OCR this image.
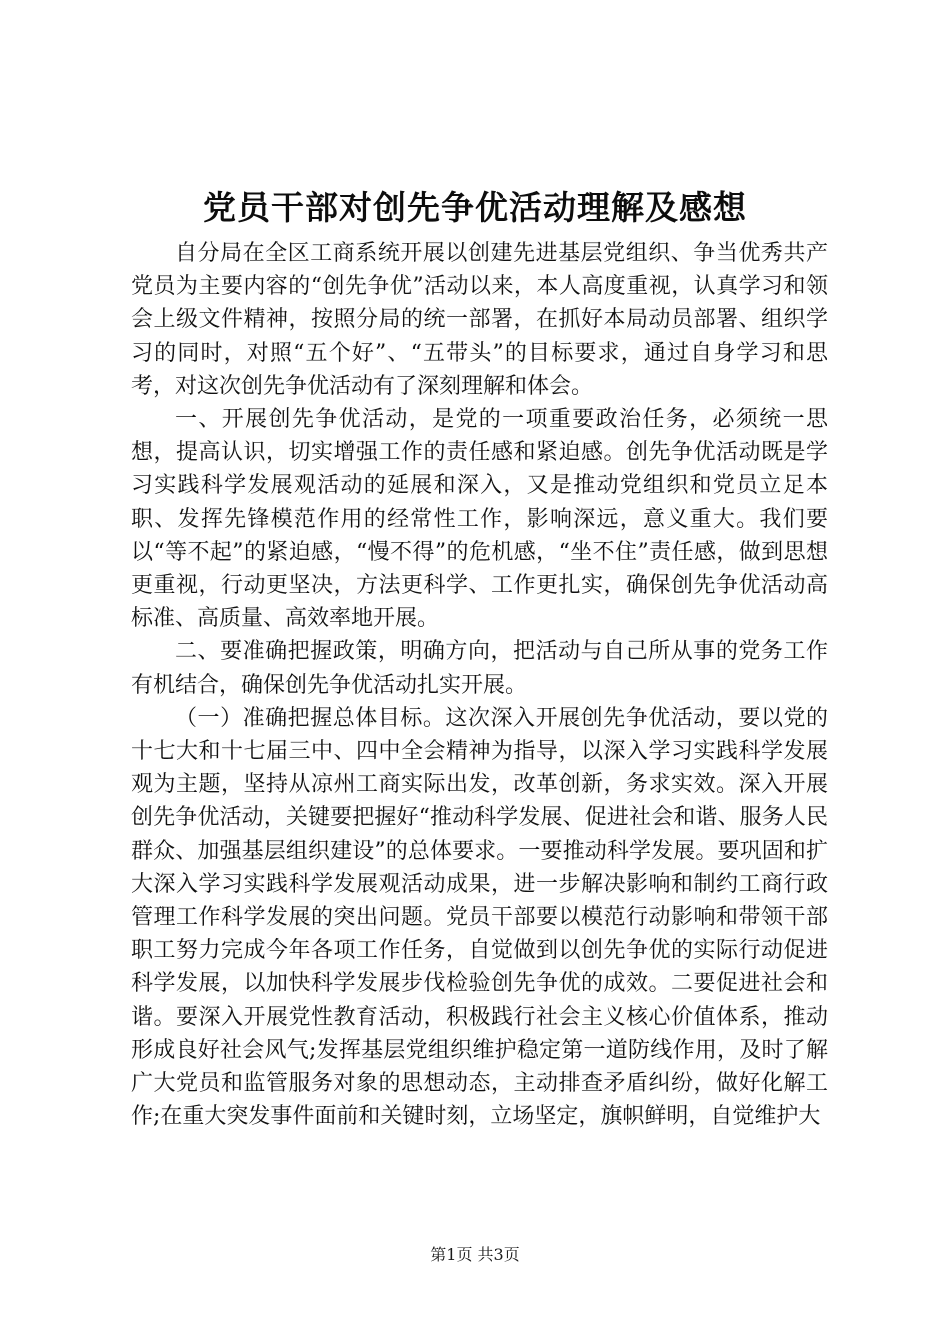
党员干部对创先争优活动理解及感想

自分局在全区工商系统开展以创建先进基层党组织、争当优秀共产党员为主要内容的“创先争优”活动以来，本人高度重视，认真学习和领会上级文件精神，按照分局的统一部署，在抓好本局动员部署、组织学习的同时，对照“五个好”、“五带头”的目标要求，通过自身学习和思考，对这次创先争优活动有了深刻理解和体会。

一、开展创先争优活动，是党的一项重要政治任务，必须统一思想，提高认识，切实增强工作的责任感和紧迫感。创先争优活动既是学习实践科学发展观活动的延展和深入，又是推动党组织和党员立足本职、发挥先锋模范作用的经常性工作，影响深远，意义重大。我们要以“等不起”的紧迫感，“慢不得”的危机感，“坐不住”责任感，做到思想更重视，行动更坚决，方法更科学、工作更扎实，确保创先争优活动高标准、高质量、高效率地开展。

二、要准确把握政策，明确方向，把活动与自己所从事的党务工作有机结合，确保创先争优活动扎实开展。

（一）准确把握总体目标。这次深入开展创先争优活动，要以党的十七大和十七届三中、四中全会精神为指导，以深入学习实践科学发展观为主题，坚持从凉州工商实际出发，改革创新，务求实效。深入开展创先争优活动，关键要把握好“推动科学发展、促进社会和谐、服务人民群众、加强基层组织建设”的总体要求。一要推动科学发展。要巩固和扩大深入学习实践科学发展观活动成果，进一步解决影响和制约工商行政管理工作科学发展的突出问题。党员干部要以模范行动影响和带领干部职工努力完成今年各项工作任务，自觉做到以创先争优的实际行动促进科学发展，以加快科学发展步伐检验创先争优的成效。二要促进社会和谐。要深入开展党性教育活动，积极践行社会主义核心价值体系，推动形成良好社会风气;发挥基层党组织维护稳定第一道防线作用，及时了解广大党员和监管服务对象的思想动态，主动排查矛盾纠纷，做好化解工作;在重大突发事件面前和关键时刻，立场坚定，旗帜鲜明，自觉维护大

第1页 共3页
